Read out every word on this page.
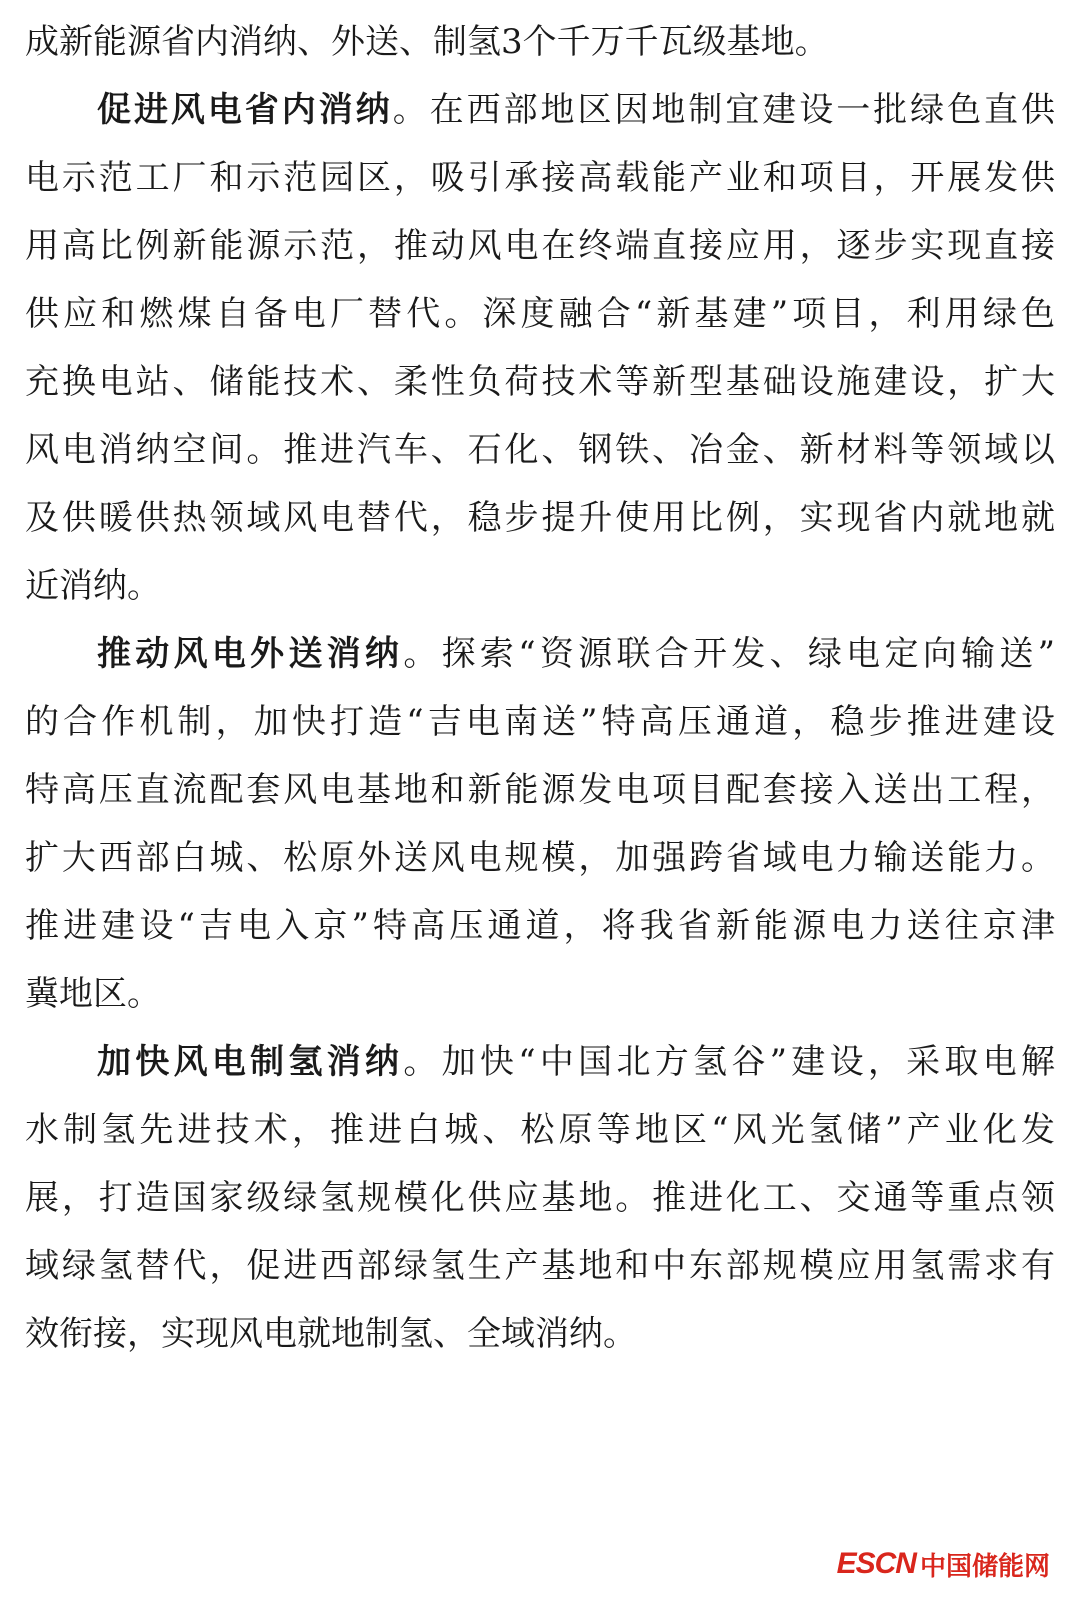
成新能源省内消纳、外送、制氢3个千万千瓦级基地。
促进风电省内消纳。在西部地区因地制宜建设一批绿色直供
电示范工厂和示范园区，吸引承接高载能产业和项目，开展发供
用高比例新能源示范，推动风电在终端直接应用，逐步实现直接
供应和燃煤自备电厂替代。深度融合“新基建”项目，利用绿色
充换电站、储能技术、柔性负荷技术等新型基础设施建设，扩大
风电消纳空间。推进汽车、石化、钢铁、冶金、新材料等领域以
及供暖供热领域风电替代，稳步提升使用比例，实现省内就地就
近消纳。
推动风电外送消纳。探索“资源联合开发、绿电定向输送”
的合作机制，加快打造“吉电南送”特高压通道，稳步推进建设
特高压直流配套风电基地和新能源发电项目配套接入送出工程，
扩大西部白城、松原外送风电规模，加强跨省域电力输送能力。
推进建设“吉电入京”特高压通道，将我省新能源电力送往京津
冀地区。
加快风电制氢消纳。加快“中国北方氢谷”建设，采取电解
水制氢先进技术，推进白城、松原等地区“风光氢储”产业化发
展，打造国家级绿氢规模化供应基地。推进化工、交通等重点领
域绿氢替代，促进西部绿氢生产基地和中东部规模应用氢需求有
效衔接，实现风电就地制氢、全域消纳。
ESCN 中国储能网
